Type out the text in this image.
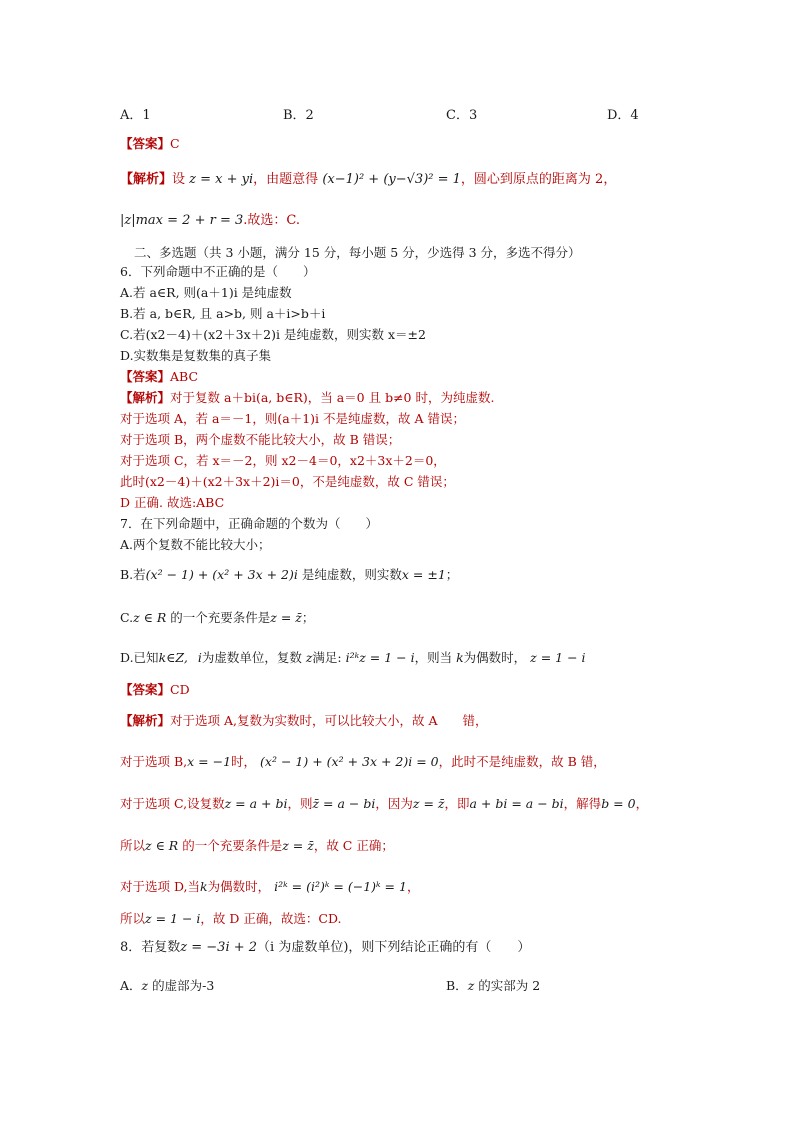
A．1	B．2	C．3	D．4
【答案】C
【解析】设 z = x + yi，由题意得 (x−1)² + (y−√3)² = 1，圆心到原点的距离为 2，
|z|max = 2 + r = 3.故选：C.
二、多选题（共 3 小题，满分 15 分，每小题 5 分，少选得 3 分，多选不得分）
6．下列命题中不正确的是（　　）
A.若 a∈R, 则(a＋1)i 是纯虚数
B.若 a, b∈R, 且 a>b, 则 a＋i>b＋i
C.若(x2－4)＋(x2＋3x＋2)i 是纯虚数，则实数 x＝±2
D.实数集是复数集的真子集
【答案】ABC
【解析】对于复数 a＋bi(a, b∈R)，当 a＝0 且 b≠0 时，为纯虚数.
对于选项 A，若 a＝－1，则(a＋1)i 不是纯虚数，故 A 错误；
对于选项 B，两个虚数不能比较大小，故 B 错误；
对于选项 C，若 x＝－2，则 x2－4＝0，x2＋3x＋2＝0，
此时(x2－4)＋(x2＋3x＋2)i＝0，不是纯虚数，故 C 错误；
D 正确. 故选:ABC
7．在下列命题中，正确命题的个数为（　　）
A.两个复数不能比较大小；
B.若(x² − 1) + (x² + 3x + 2)i 是纯虚数，则实数x = ±1；
C.z ∈ R 的一个充要条件是z = z̄；
D.已知k∈Z, i为虚数单位，复数 z满足: i²ᵏz = 1 − i，则当 k为偶数时， z = 1 − i
【答案】CD
【解析】对于选项 A,复数为实数时，可以比较大小，故 A　　错，
对于选项 B,x = −1时， (x² − 1) + (x² + 3x + 2)i = 0，此时不是纯虚数，故 B 错，
对于选项 C,设复数z = a + bi，则z̄ = a − bi，因为z = z̄，即a + bi = a − bi，解得b = 0，
所以z ∈ R 的一个充要条件是z = z̄，故 C 正确；
对于选项 D,当k为偶数时， i²ᵏ = (i²)ᵏ = (−1)ᵏ = 1，
所以z = 1 − i，故 D 正确，故选：CD.
8．若复数z = −3i + 2（i 为虚数单位)，则下列结论正确的有（　　）
A．z 的虚部为-3	B．z 的实部为 2
